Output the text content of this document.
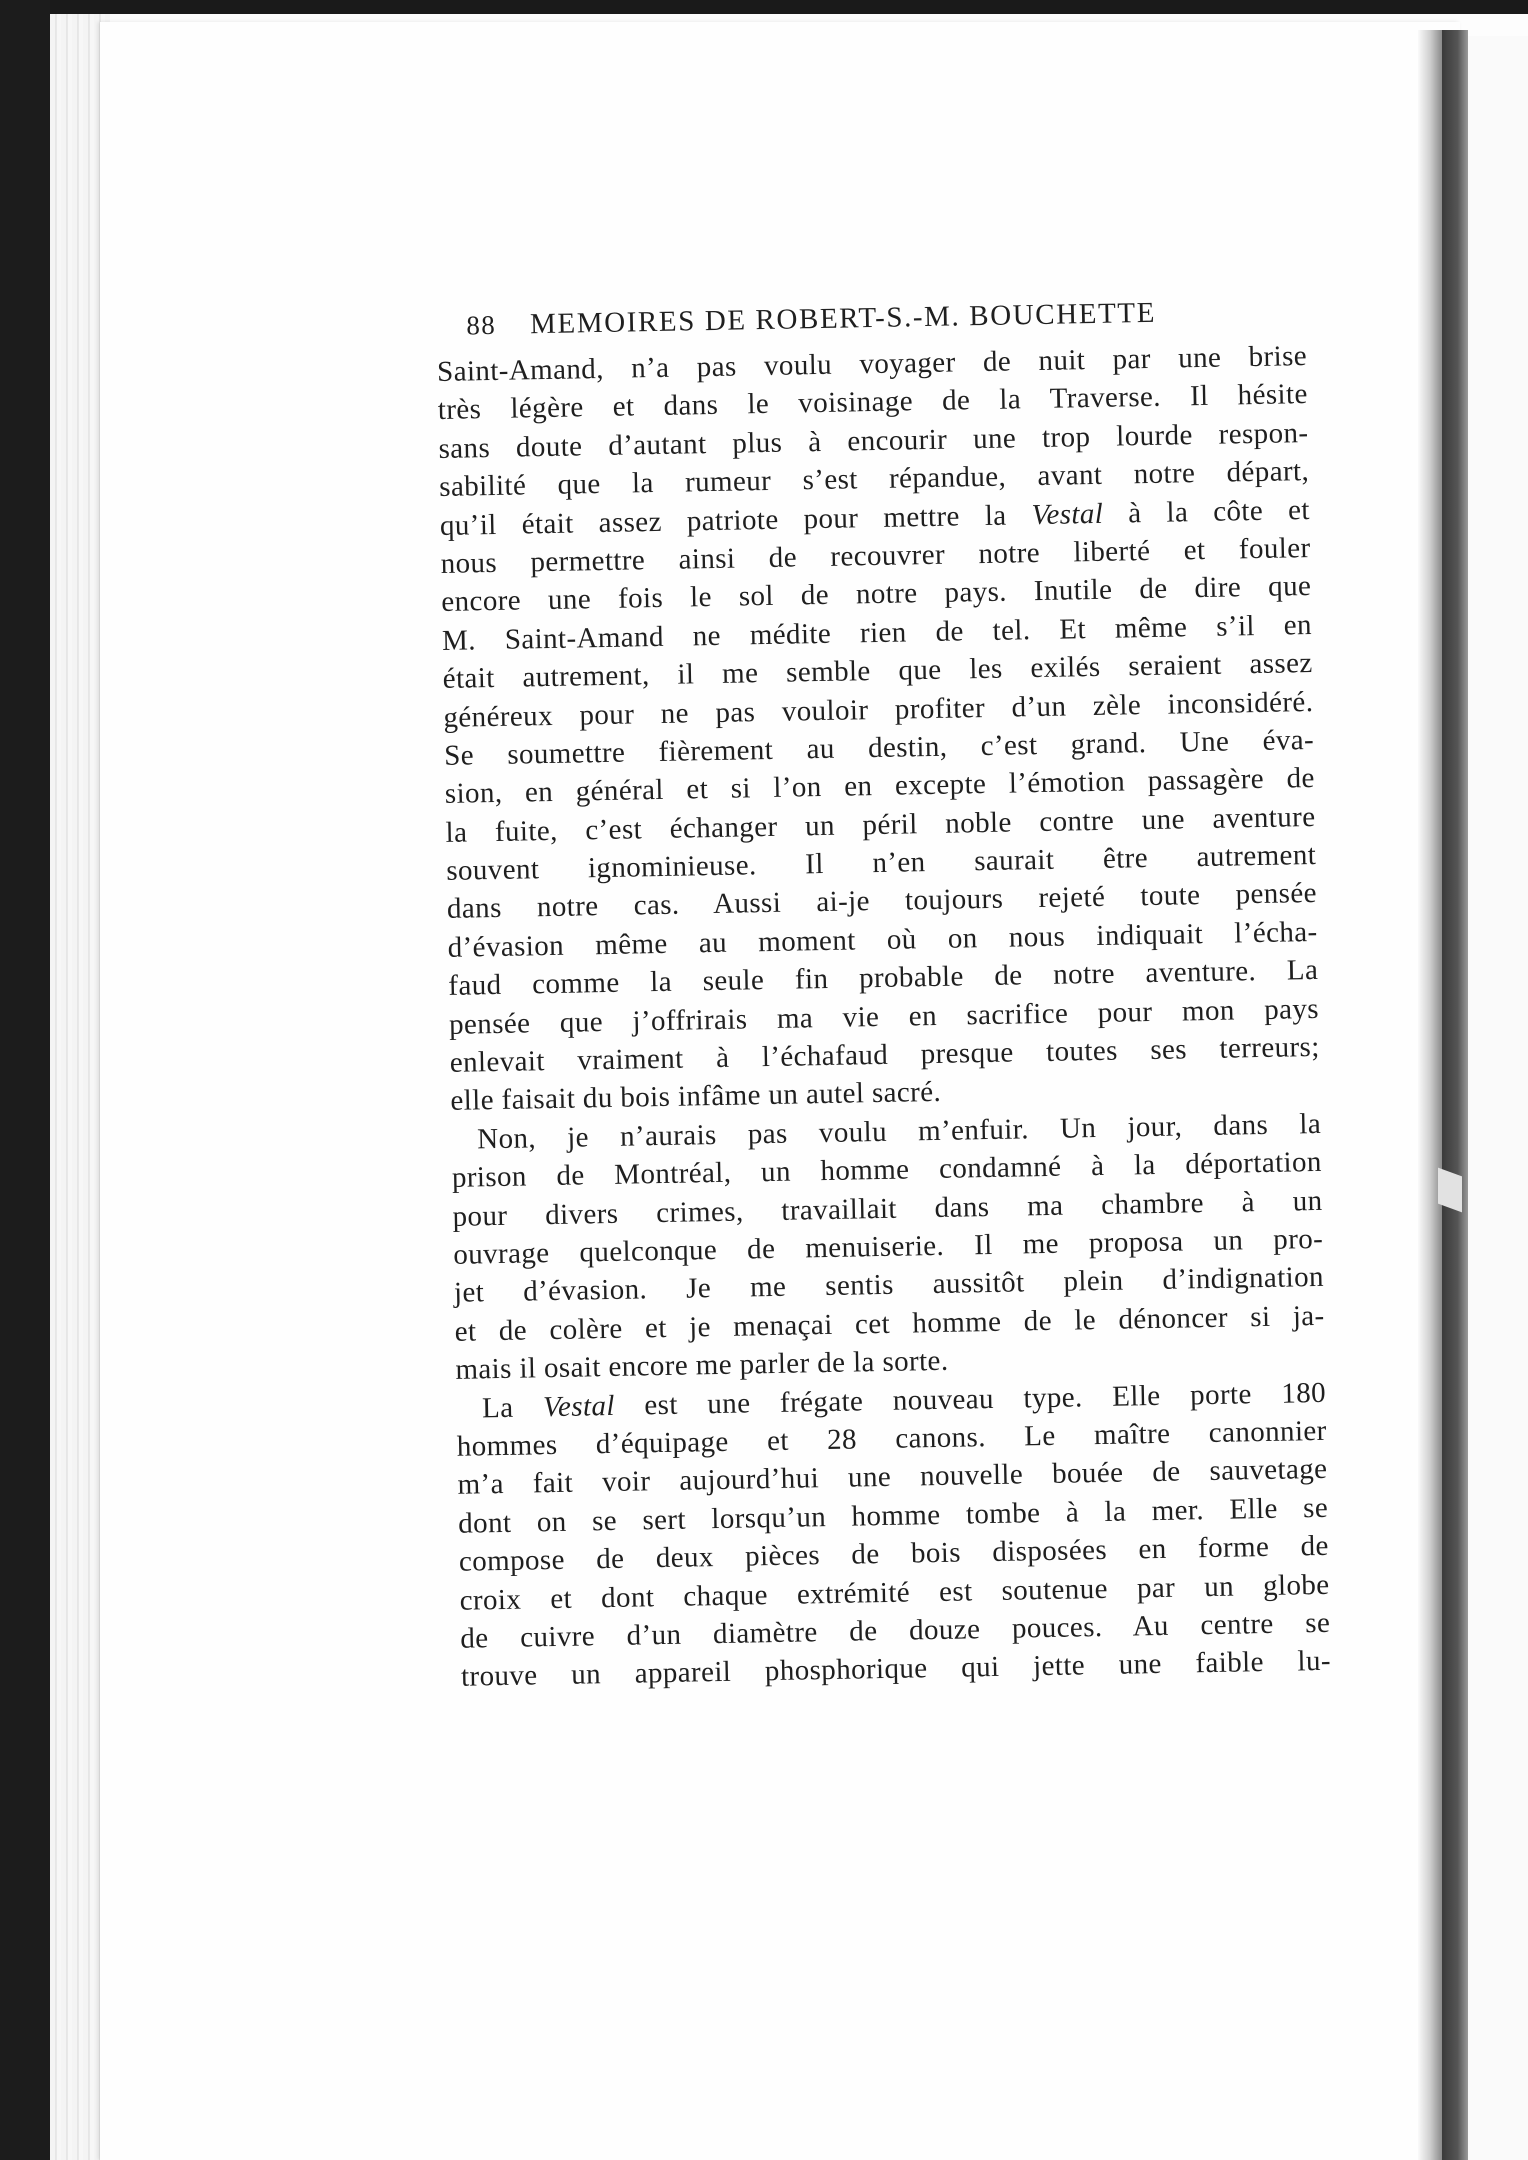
88 MEMOIRES DE ROBERT-S.-M. BOUCHETTE
Saint-Amand, n’a pas voulu voyager de nuit par une brise
très légère et dans le voisinage de la Traverse. Il hésite
sans doute d’autant plus à encourir une trop lourde respon-
sabilité que la rumeur s’est répandue, avant notre départ,
qu’il était assez patriote pour mettre la Vestal à la côte et
nous permettre ainsi de recouvrer notre liberté et fouler
encore une fois le sol de notre pays. Inutile de dire que
M. Saint-Amand ne médite rien de tel. Et même s’il en
était autrement, il me semble que les exilés seraient assez
généreux pour ne pas vouloir profiter d’un zèle inconsidéré.
Se soumettre fièrement au destin, c’est grand. Une éva-
sion, en général et si l’on en excepte l’émotion passagère de
la fuite, c’est échanger un péril noble contre une aventure
souvent ignominieuse. Il n’en saurait être autrement
dans notre cas. Aussi ai-je toujours rejeté toute pensée
d’évasion même au moment où on nous indiquait l’écha-
faud comme la seule fin probable de notre aventure. La
pensée que j’offrirais ma vie en sacrifice pour mon pays
enlevait vraiment à l’échafaud presque toutes ses terreurs;
elle faisait du bois infâme un autel sacré.
Non, je n’aurais pas voulu m’enfuir. Un jour, dans la
prison de Montréal, un homme condamné à la déportation
pour divers crimes, travaillait dans ma chambre à un
ouvrage quelconque de menuiserie. Il me proposa un pro-
jet d’évasion. Je me sentis aussitôt plein d’indignation
et de colère et je menaçai cet homme de le dénoncer si ja-
mais il osait encore me parler de la sorte.
La Vestal est une frégate nouveau type. Elle porte 180
hommes d’équipage et 28 canons. Le maître canonnier
m’a fait voir aujourd’hui une nouvelle bouée de sauvetage
dont on se sert lorsqu’un homme tombe à la mer. Elle se
compose de deux pièces de bois disposées en forme de
croix et dont chaque extrémité est soutenue par un globe
de cuivre d’un diamètre de douze pouces. Au centre se
trouve un appareil phosphorique qui jette une faible lu-
